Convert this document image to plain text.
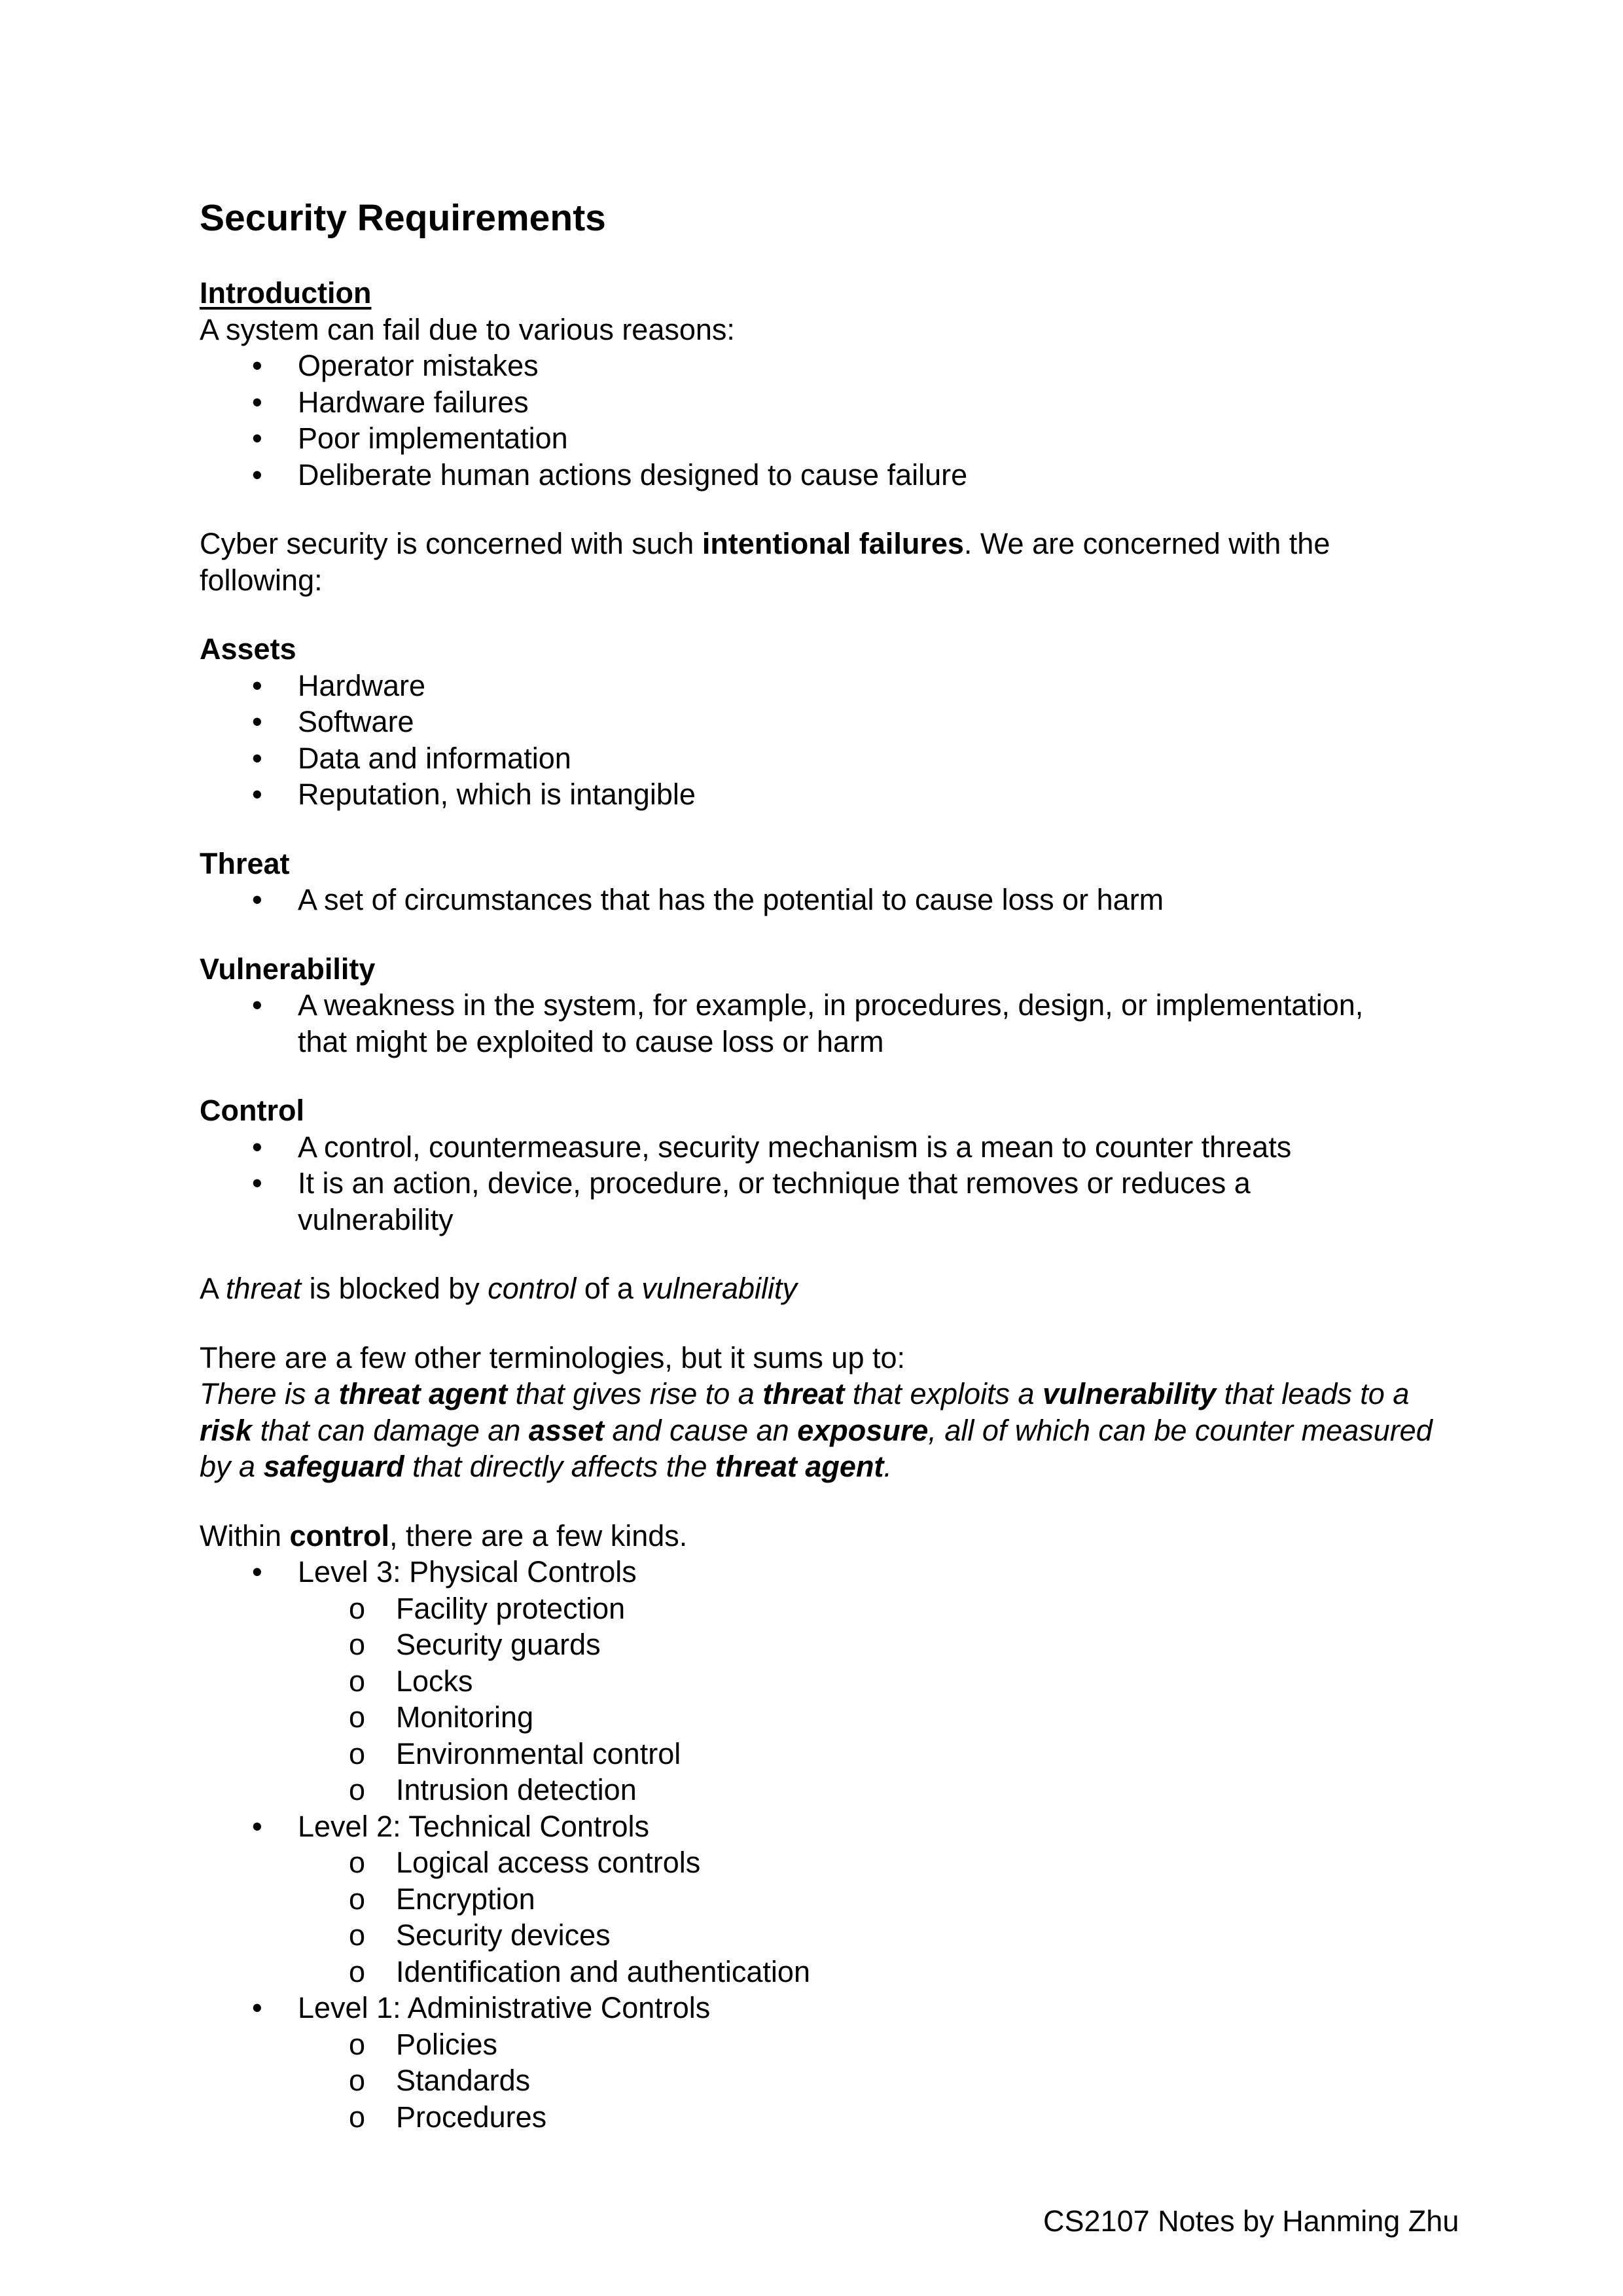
Security Requirements
Introduction

A system can fail due to various reasons:

• Operator mistakes
• Hardware failures
• Poor implementation
• Deliberate human actions designed to cause failure

Cyber security is concerned with such intentional failures. We are concerned with the following:

Assets
• Hardware
• Software
• Data and information
• Reputation, which is intangible
Threat
• A set of circumstances that has the potential to cause loss or harm
Vulnerability
• A weakness in the system, for example, in procedures, design, or implementation, that might be exploited to cause loss or harm
Control
• A control, countermeasure, security mechanism is a mean to counter threats
• It is an action, device, procedure, or technique that removes or reduces a vulnerability

A threat is blocked by control of a vulnerability

There are a few other terminologies, but it sums up to:

There is a threat agent that gives rise to a threat that exploits a vulnerability that leads to a risk that can damage an asset and cause an exposure, all of which can be counter measured by a safeguard that directly affects the threat agent.

Within control, there are a few kinds.

• Level 3: Physical Controls
o Facility protection
o Security guards
o Locks
o Monitoring
o Environmental control
o Intrusion detection
• Level 2: Technical Controls
o Logical access controls
o Encryption
o Security devices
o Identification and authentication
• Level 1: Administrative Controls
o Policies
o Standards
o Procedures
CS2107 Notes by Hanming Zhu
